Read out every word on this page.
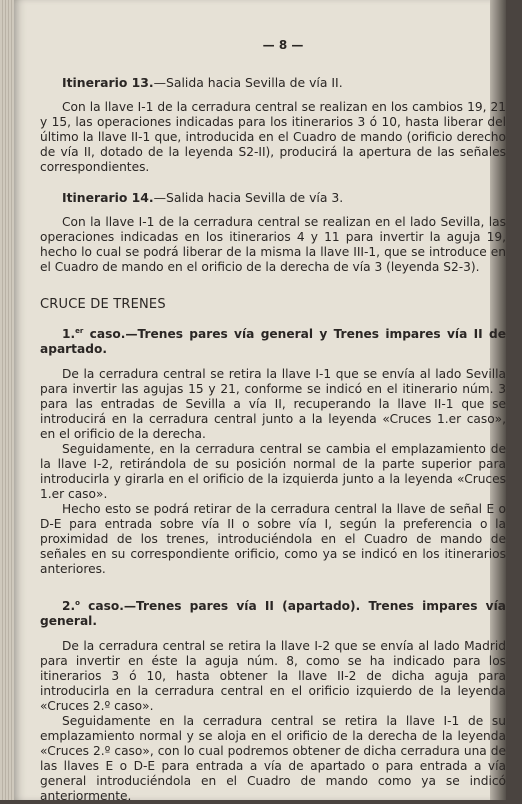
— 8 —

Itinerario 13.—Salida hacia Sevilla de vía II.

Con la llave I-1 de la cerradura central se realizan en los cambios 19, 21 y 15, las operaciones indicadas para los itinerarios 3 ó 10, hasta liberar del último la llave II-1 que, introducida en el Cuadro de mando (orificio derecho de vía II, dotado de la leyenda S2-II), producirá la apertura de las señales correspondientes.

Itinerario 14.—Salida hacia Sevilla de vía 3.

Con la llave I-1 de la cerradura central se realizan en el lado Sevilla, las operaciones indicadas en los itinerarios 4 y 11 para invertir la aguja 19, hecho lo cual se podrá liberar de la misma la llave III-1, que se introduce en el Cuadro de mando en el orificio de la derecha de vía 3 (leyenda S2-3).

CRUCE DE TRENES

1.$^{er}$ caso.—Trenes pares vía general y Trenes impares vía II de apartado.

De la cerradura central se retira la llave I-1 que se envía al lado Sevilla para invertir las agujas 15 y 21, conforme se indicó en el itinerario núm. 3 para las entradas de Sevilla a vía II, recuperando la llave II-1 que se introducirá en la cerradura central junto a la leyenda «Cruces 1.er caso», en el orificio de la derecha.

Seguidamente, en la cerradura central se cambia el emplazamiento de la llave I-2, retirándola de su posición normal de la parte superior para introducirla y girarla en el orificio de la izquierda junto a la leyenda «Cruces 1.er caso».

Hecho esto se podrá retirar de la cerradura central la llave de señal E o D-E para entrada sobre vía II o sobre vía I, según la preferencia o la proximidad de los trenes, introduciéndola en el Cuadro de mando de señales en su correspondiente orificio, como ya se indicó en los itinerarios anteriores.

2.$^o$ caso.—Trenes pares vía II (apartado). Trenes impares vía general.

De la cerradura central se retira la llave I-2 que se envía al lado Madrid para invertir en éste la aguja núm. 8, como se ha indicado para los itinerarios 3 ó 10, hasta obtener la llave II-2 de dicha aguja para introducirla en la cerradura central en el orificio izquierdo de la leyenda «Cruces 2.º caso».

Seguidamente en la cerradura central se retira la llave I-1 de su emplazamiento normal y se aloja en el orificio de la derecha de la leyenda «Cruces 2.º caso», con lo cual podremos obtener de dicha cerradura una de las llaves E o D-E para entrada a vía de apartado o para entrada a vía general introduciéndola en el Cuadro de mando como ya se indicó anteriormente.
